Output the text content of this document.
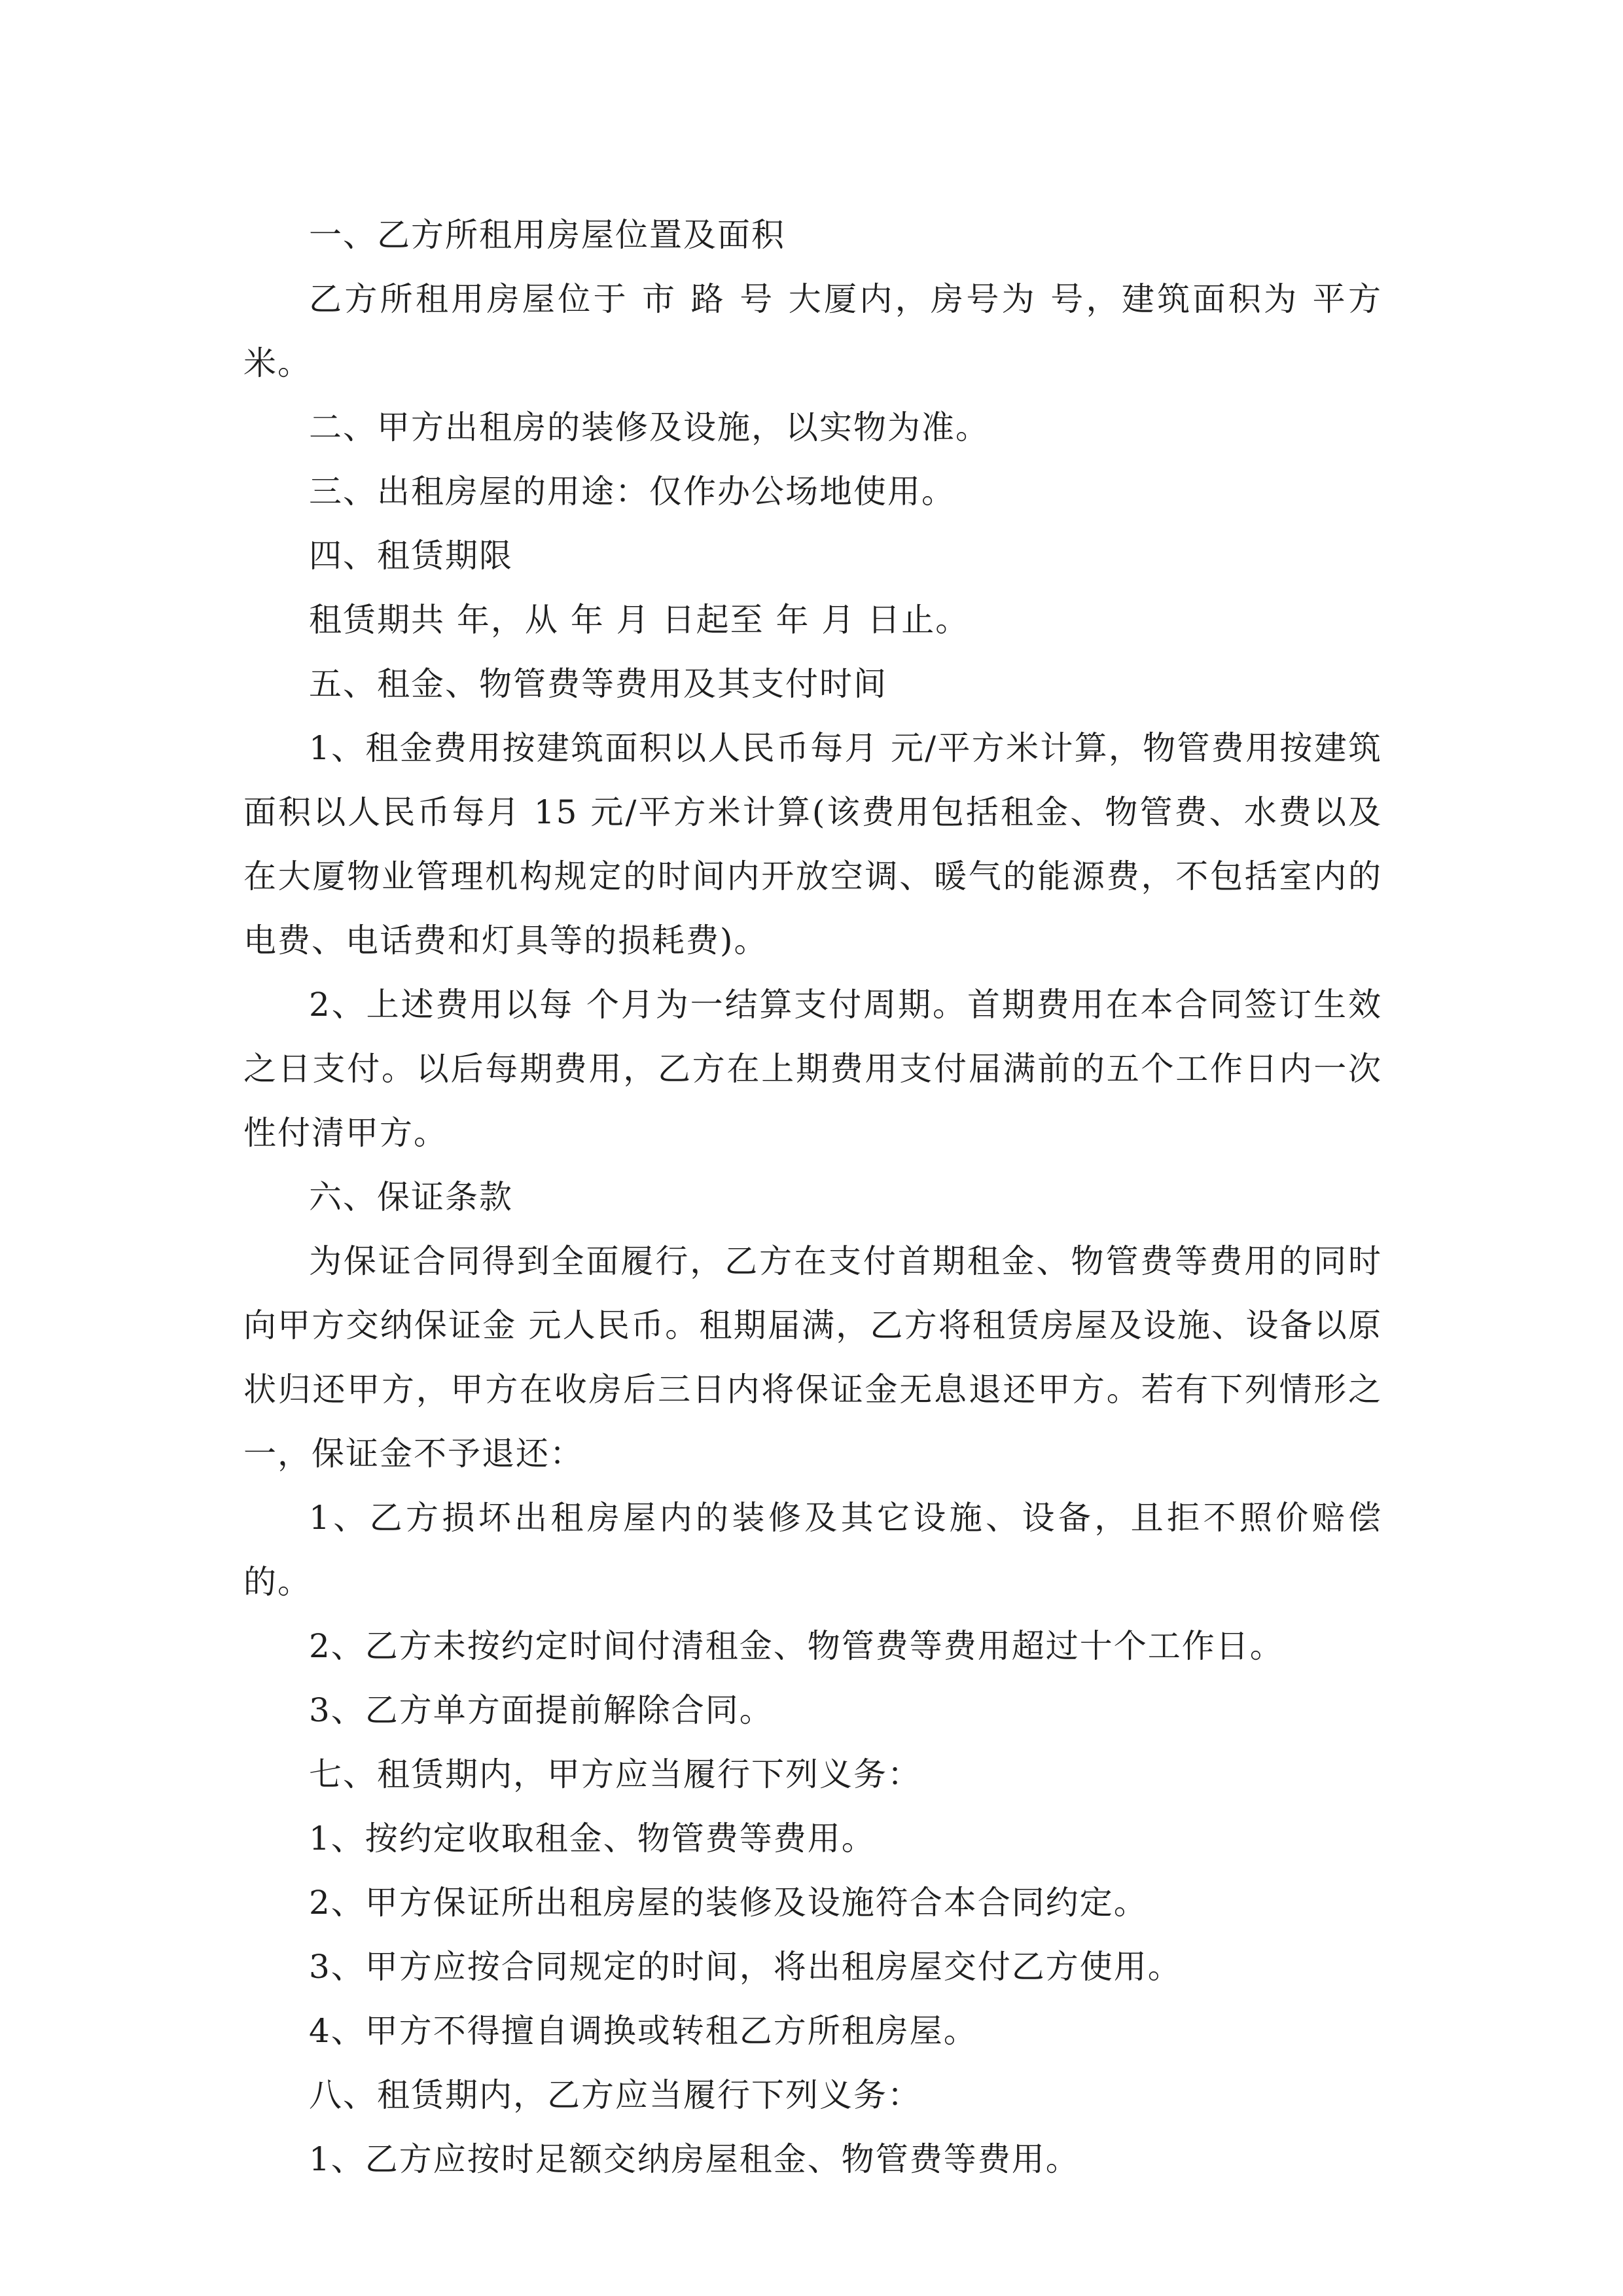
一、乙方所租用房屋位置及面积

乙方所租用房屋位于 市 路 号 大厦内，房号为 号，建筑面积为 平方米。

二、甲方出租房的装修及设施，以实物为准。

三、出租房屋的用途：仅作办公场地使用。

四、租赁期限

租赁期共 年，从 年 月 日起至 年 月 日止。

五、租金、物管费等费用及其支付时间

1、租金费用按建筑面积以人民币每月 元/平方米计算，物管费用按建筑面积以人民币每月 15 元/平方米计算(该费用包括租金、物管费、水费以及在大厦物业管理机构规定的时间内开放空调、暖气的能源费，不包括室内的电费、电话费和灯具等的损耗费)。

2、上述费用以每 个月为一结算支付周期。首期费用在本合同签订生效之日支付。以后每期费用，乙方在上期费用支付届满前的五个工作日内一次性付清甲方。

六、保证条款

为保证合同得到全面履行，乙方在支付首期租金、物管费等费用的同时向甲方交纳保证金 元人民币。租期届满，乙方将租赁房屋及设施、设备以原状归还甲方，甲方在收房后三日内将保证金无息退还甲方。若有下列情形之一，保证金不予退还：

1、乙方损坏出租房屋内的装修及其它设施、设备，且拒不照价赔偿的。

2、乙方未按约定时间付清租金、物管费等费用超过十个工作日。

3、乙方单方面提前解除合同。

七、租赁期内，甲方应当履行下列义务：

1、按约定收取租金、物管费等费用。

2、甲方保证所出租房屋的装修及设施符合本合同约定。

3、甲方应按合同规定的时间，将出租房屋交付乙方使用。

4、甲方不得擅自调换或转租乙方所租房屋。

八、租赁期内，乙方应当履行下列义务：

1、乙方应按时足额交纳房屋租金、物管费等费用。
